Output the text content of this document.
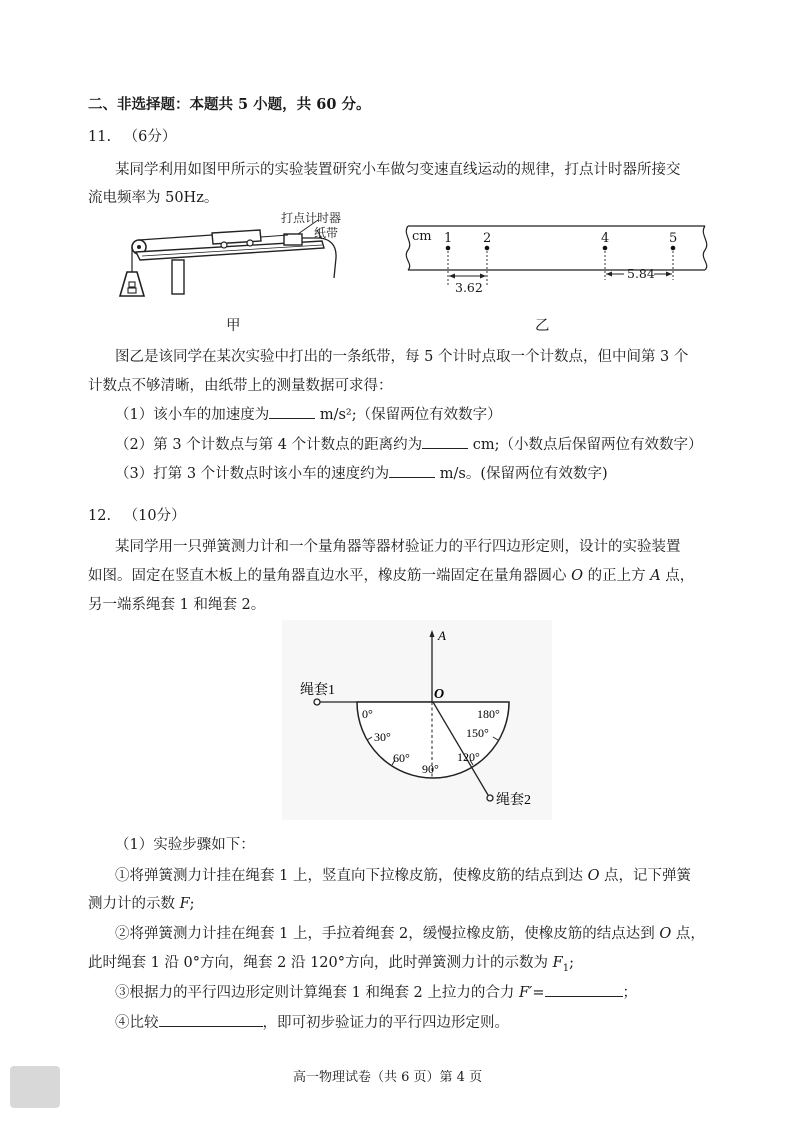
二、非选择题：本题共 5 小题，共 60 分。
11. （6分）
某同学利用如图甲所示的实验装置研究小车做匀变速直线运动的规律，打点计时器所接交
流电频率为 50Hz。
打点计时器
纸带
甲
cm 1 2	4	5
3.62
5.84
乙
图乙是该同学在某次实验中打出的一条纸带，每 5 个计时点取一个计数点，但中间第 3 个
计数点不够清晰，由纸带上的测量数据可求得：
（1）该小车的加速度为	m/s²;（保留两位有效数字）
（2）第 3 个计数点与第 4 个计数点的距离约为	cm;（小数点后保留两位有效数字）
（3）打第 3 个计数点时该小车的速度约为	m/s。(保留两位有效数字)
12. （10分）
某同学用一只弹簧测力计和一个量角器等器材验证力的平行四边形定则，设计的实验装置
如图。固定在竖直木板上的量角器直边水平，橡皮筋一端固定在量角器圆心 O 的正上方 A 点，
另一端系绳套 1 和绳套 2。
A
O
绳套1
绳套2
0°
30°
60°
90°
120°
150°
180°
（1）实验步骤如下：
①将弹簧测力计挂在绳套 1 上，竖直向下拉橡皮筋，使橡皮筋的结点到达 O 点，记下弹簧
测力计的示数 F;
②将弹簧测力计挂在绳套 1 上，手拉着绳套 2，缓慢拉橡皮筋，使橡皮筋的结点达到 O 点，
此时绳套 1 沿 0°方向，绳套 2 沿 120°方向，此时弹簧测力计的示数为 $F_1$;
③根据力的平行四边形定则计算绳套 1 和绳套 2 上拉力的合力 F′=	；
④比较	，即可初步验证力的平行四边形定则。
高一物理试卷（共 6 页）第 4 页
